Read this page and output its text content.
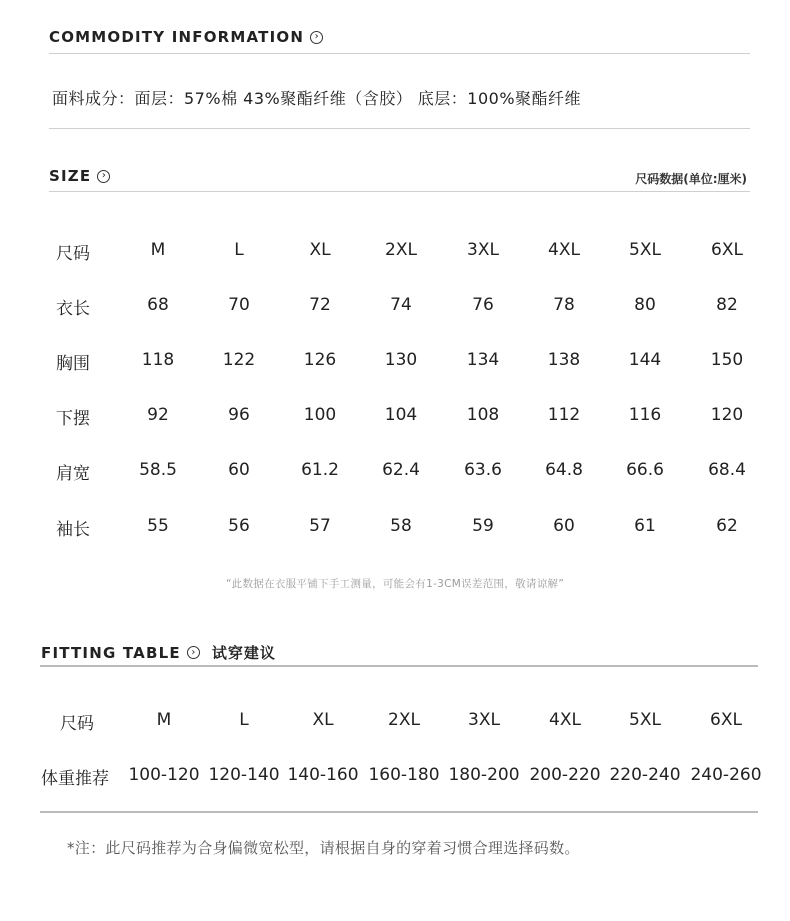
COMMODITY INFORMATION	›
面料成分：面层：57%棉 43%聚酯纤维（含胶） 底层：100%聚酯纤维
SIZE	›	尺码数据(单位:厘米)
尺码	M	L	XL	2XL	3XL	4XL	5XL	6XL
衣长	68	70	72	74	76	78	80	82
胸围	118	122	126	130	134	138	144	150
下摆	92	96	100	104	108	112	116	120
肩宽	58.5	60	61.2	62.4	63.6	64.8	66.6	68.4
袖长	55	56	57	58	59	60	61	62
“此数据在衣服平铺下手工测量，可能会有1-3CM误差范围，敬请谅解”
FITTING TABLE	›	试穿建议
尺码	M	L	XL	2XL	3XL	4XL	5XL	6XL
体重推荐	100-120 120-140 140-160 160-180 180-200 200-220 220-240 240-260
*注：此尺码推荐为合身偏微宽松型，请根据自身的穿着习惯合理选择码数。
